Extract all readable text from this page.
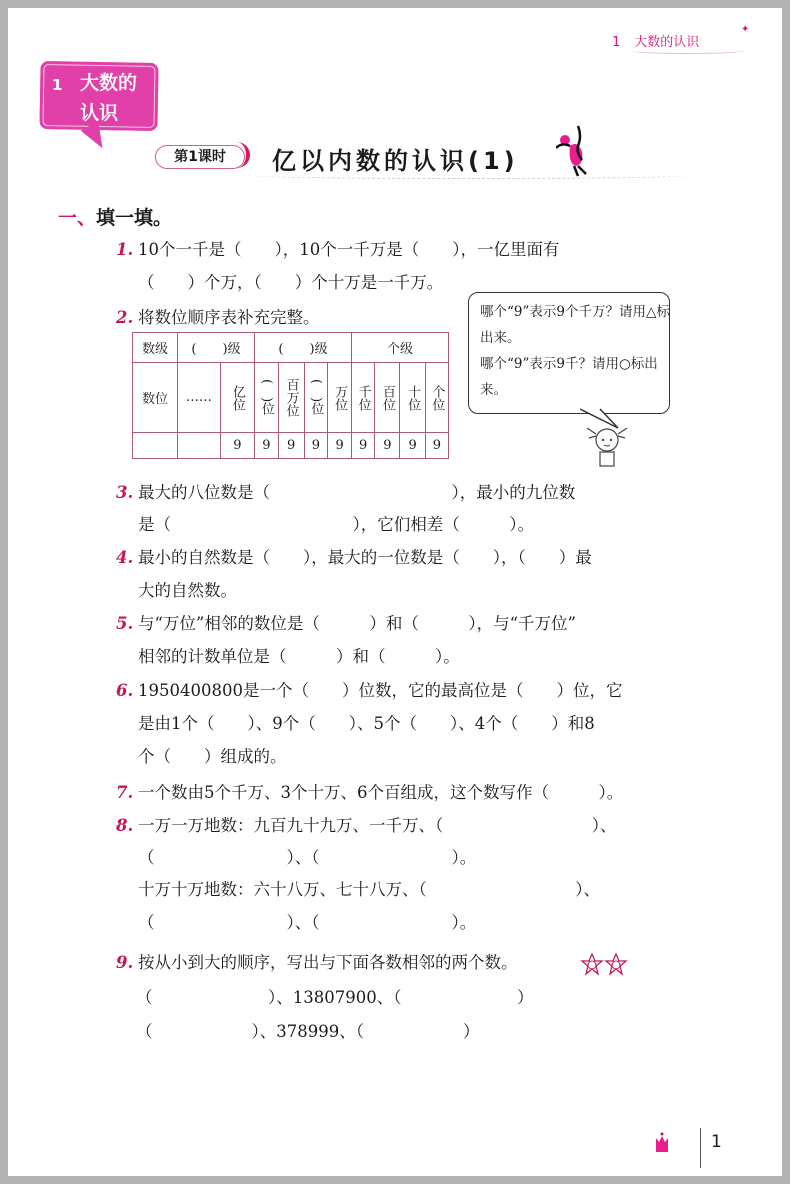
1 大数的认识
✦
1 大数的认识
第1课时	亿以内数的认识(1)
一、填一填。
1. 10个一千是（　　），10个一千万是（　　），一亿里面有
（　　）个万，（　　）个十万是一千万。
2. 将数位顺序表补充完整。
数级	(　　)级		(　　)级				个级			
数位	……	亿位	(　)位	百万位	(　)位	万位	千位	百位	十位	个位
		9	9	9	9	9	9	9	9	9
哪个“9”表示9个千万？请用△标出来。
哪个“9”表示9千？请用○标出来。
3. 最大的八位数是（　　　　　　　　　　　），最小的九位数
是（　　　　　　　　　　　），它们相差（　　　）。
4. 最小的自然数是（　　），最大的一位数是（　　），（　　）最
大的自然数。
5. 与“万位”相邻的数位是（　　　）和（　　　），与“千万位”
相邻的计数单位是（　　　）和（　　　）。
6. 1950400800是一个（　　）位数，它的最高位是（　　）位，它
是由1个（　　）、9个（　　）、5个（　　）、4个（　　）和8
个（　　）组成的。
7. 一个数由5个千万、3个十万、6个百组成，这个数写作（　　　）。
8. 一万一万地数：九百九十九万、一千万、（　　　　　　　　　）、
（　　　　　　　　）、（　　　　　　　　）。
十万十万地数：六十八万、七十八万、（　　　　　　　　　）、
（　　　　　　　　）、（　　　　　　　　）。
9. 按从小到大的顺序，写出与下面各数相邻的两个数。
（　　　　　　　）、13807900、（　　　　　　　）
（　　　　　　）、378999、（　　　　　　）
1
